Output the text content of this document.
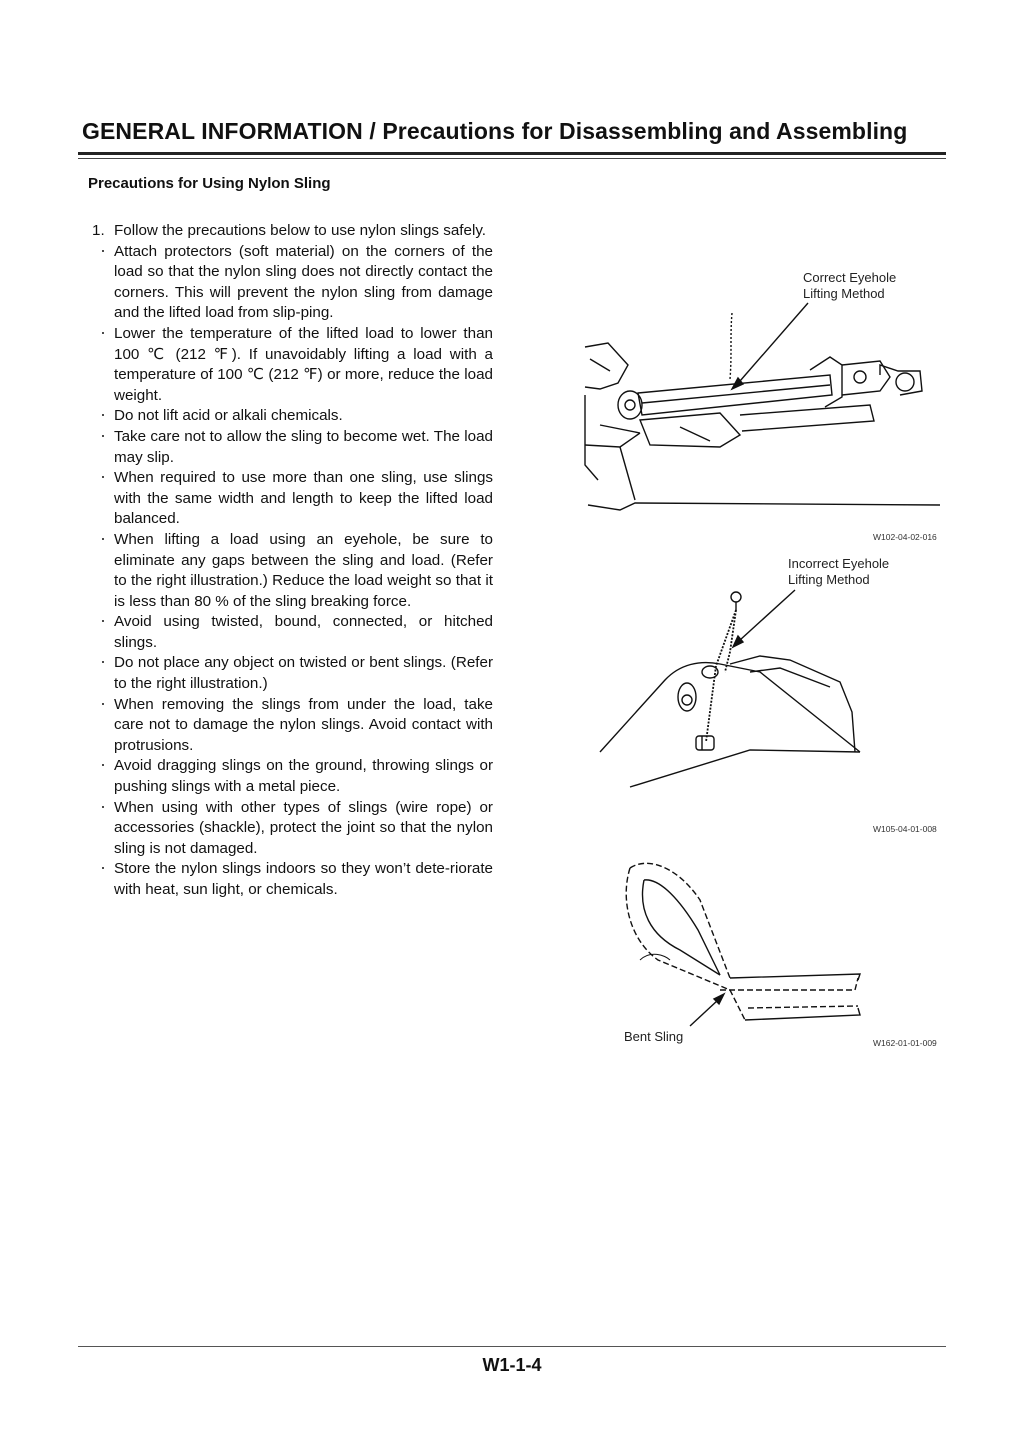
GENERAL INFORMATION / Precautions for Disassembling and Assembling
Precautions for Using Nylon Sling
1. Follow the precautions below to use nylon slings safely.
・ Attach protectors (soft material) on the corners of the load so that the nylon sling does not directly contact the corners. This will prevent the nylon sling from damage and the lifted load from slip-ping.
・ Lower the temperature of the lifted load to lower than 100 ℃ (212 ℉). If unavoidably lifting a load with a temperature of 100 ℃ (212 ℉) or more, reduce the load weight.
・ Do not lift acid or alkali chemicals.
・ Take care not to allow the sling to become wet. The load may slip.
・ When required to use more than one sling, use slings with the same width and length to keep the lifted load balanced.
・ When lifting a load using an eyehole, be sure to eliminate any gaps between the sling and load. (Refer to the right illustration.) Reduce the load weight so that it is less than 80 % of the sling breaking force.
・ Avoid using twisted, bound, connected, or hitched slings.
・ Do not place any object on twisted or bent slings. (Refer to the right illustration.)
・ When removing the slings from under the load, take care not to damage the nylon slings. Avoid contact with protrusions.
・ Avoid dragging slings on the ground, throwing slings or pushing slings with a metal piece.
・ When using with other types of slings (wire rope) or accessories (shackle), protect the joint so that the nylon sling is not damaged.
・ Store the nylon slings indoors so they won’t dete-riorate with heat, sun light, or chemicals.
Correct Eyehole
Lifting Method
W102-04-02-016
Incorrect Eyehole
Lifting Method
W105-04-01-008
Bent Sling	W162-01-01-009
W1-1-4
